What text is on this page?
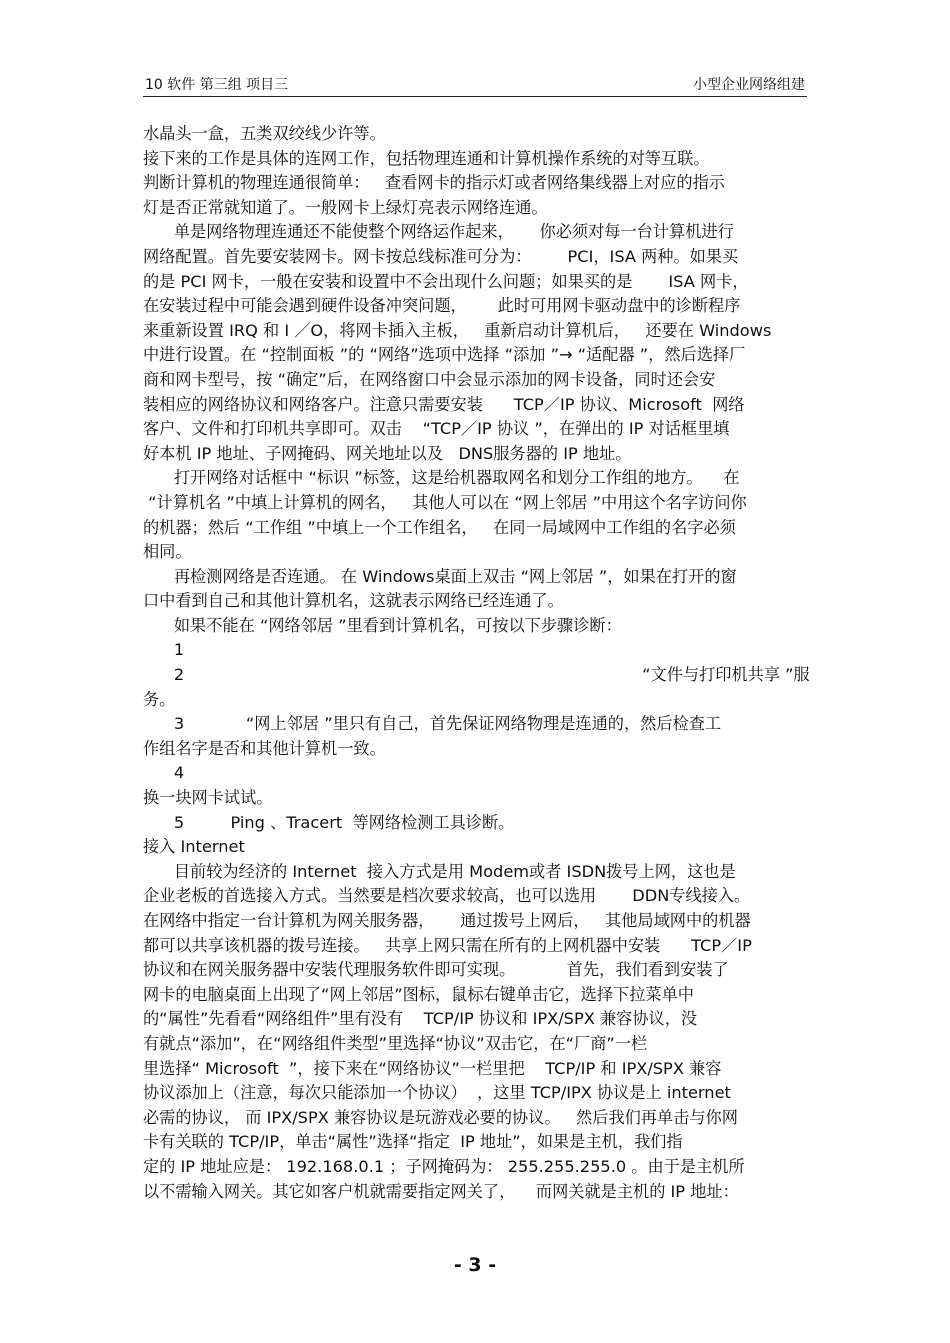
10 软件 第三组 项目三	小型企业网络组建
水晶头一盒，五类双绞线少许等。
接下来的工作是具体的连网工作，包括物理连通和计算机操作系统的对等互联。
判断计算机的物理连通很简单：   查看网卡的指示灯或者网络集线器上对应的指示
灯是否正常就知道了。一般网卡上绿灯亮表示网络连通。
单是网络物理连通还不能使整个网络运作起来，     你必须对每一台计算机进行
网络配置。首先要安装网卡。网卡按总线标准可分为：       PCI，ISA 两种。如果买
的是 PCI 网卡，一般在安装和设置中不会出现什么问题；如果买的是       ISA 网卡，
在安装过程中可能会遇到硬件设备冲突问题，      此时可用网卡驱动盘中的诊断程序
来重新设置 IRQ 和 I ／O，将网卡插入主板，   重新启动计算机后，   还要在 Windows
中进行设置。在 “控制面板 ”的 “网络”选项中选择 “添加 ”→ “适配器 ”，然后选择厂
商和网卡型号，按 “确定”后，在网络窗口中会显示添加的网卡设备，同时还会安
装相应的网络协议和网络客户。注意只需要安装      TCP／IP 协议、Microsoft  网络
客户、文件和打印机共享即可。双击    “TCP／IP 协议 ”，在弹出的 IP 对话框里填
好本机 IP 地址、子网掩码、网关地址以及   DNS服务器的 IP 地址。
打开网络对话框中 “标识 ”标签，这是给机器取网名和划分工作组的地方。    在
“计算机名 ”中填上计算机的网名，   其他人可以在 “网上邻居 ”中用这个名字访问你
的机器；然后 “工作组 ”中填上一个工作组名，   在同一局域网中工作组的名字必须
相同。
再检测网络是否连通。 在 Windows桌面上双击 “网上邻居 ”，如果在打开的窗
口中看到自己和其他计算机名，这就表示网络已经连通了。
如果不能在 “网络邻居 ”里看到计算机名，可按以下步骤诊断：
1
2                                                                                         “文件与打印机共享 ”服
务。
3            “网上邻居 ”里只有自己，首先保证网络物理是连通的，然后检查工
作组名字是否和其他计算机一致。
4
换一块网卡试试。
5         Ping 、Tracert  等网络检测工具诊断。
接入 Internet
目前较为经济的 Internet  接入方式是用 Modem或者 ISDN拨号上网，这也是
企业老板的首选接入方式。当然要是档次要求较高，也可以选用       DDN专线接入。
在网络中指定一台计算机为网关服务器，     通过拨号上网后，   其他局域网中的机器
都可以共享该机器的拨号连接。   共享上网只需在所有的上网机器中安装      TCP／IP
协议和在网关服务器中安装代理服务软件即可实现。          首先，我们看到安装了
网卡的电脑桌面上出现了“网上邻居”图标，鼠标右键单击它，选择下拉菜单中
的“属性”先看看“网络组件”里有没有    TCP/IP 协议和 IPX/SPX 兼容协议，没
有就点“添加”，在“网络组件类型”里选择“协议”双击它，在“厂商”一栏
里选择“ Microsoft  ”，接下来在“网络协议”一栏里把    TCP/IP 和 IPX/SPX 兼容
协议添加上（注意，每次只能添加一个协议）  ，这里 TCP/IPX 协议是上 internet
必需的协议， 而 IPX/SPX 兼容协议是玩游戏必要的协议。   然后我们再单击与你网
卡有关联的 TCP/IP，单击“属性”选择“指定  IP 地址”，如果是主机，我们指
定的 IP 地址应是： 192.168.0.1 ；子网掩码为： 255.255.255.0 。由于是主机所
以不需输入网关。其它如客户机就需要指定网关了，    而网关就是主机的 IP 地址：
- 3 -
